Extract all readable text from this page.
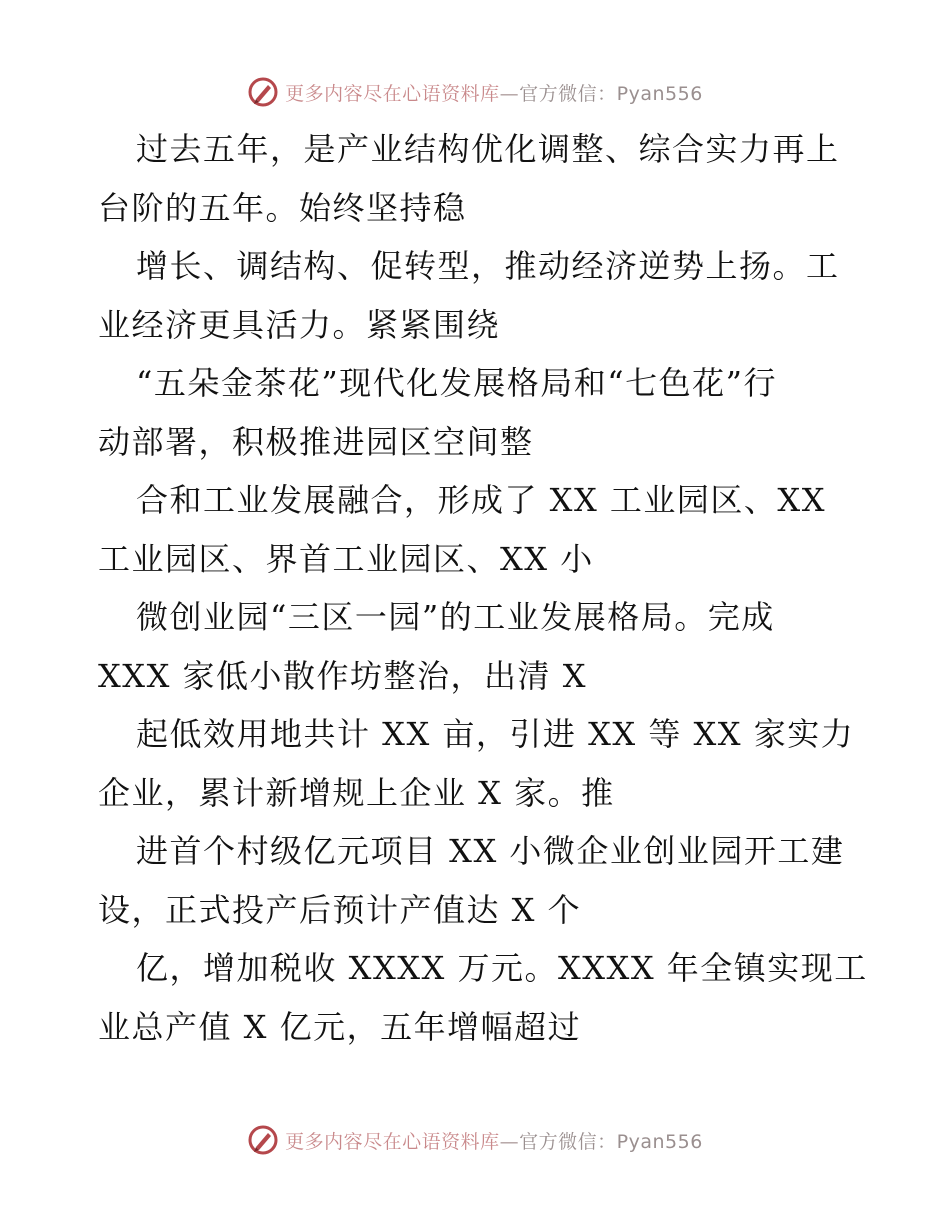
更多内容尽在心语资料库—官方微信：Pyan556
过去五年，是产业结构优化调整、综合实力再上
台阶的五年。始终坚持稳
增长、调结构、促转型，推动经济逆势上扬。工
业经济更具活力。紧紧围绕
“五朵金茶花”现代化发展格局和“七色花”行
动部署，积极推进园区空间整
合和工业发展融合，形成了 XX 工业园区、XX
工业园区、界首工业园区、XX 小
微创业园“三区一园”的工业发展格局。完成
XXX 家低小散作坊整治，出清 X
起低效用地共计 XX 亩，引进 XX 等 XX 家实力
企业，累计新增规上企业 X 家。推
进首个村级亿元项目 XX 小微企业创业园开工建
设，正式投产后预计产值达 X 个
亿，增加税收 XXXX 万元。XXXX 年全镇实现工
业总产值 X 亿元，五年增幅超过
更多内容尽在心语资料库—官方微信：Pyan556
